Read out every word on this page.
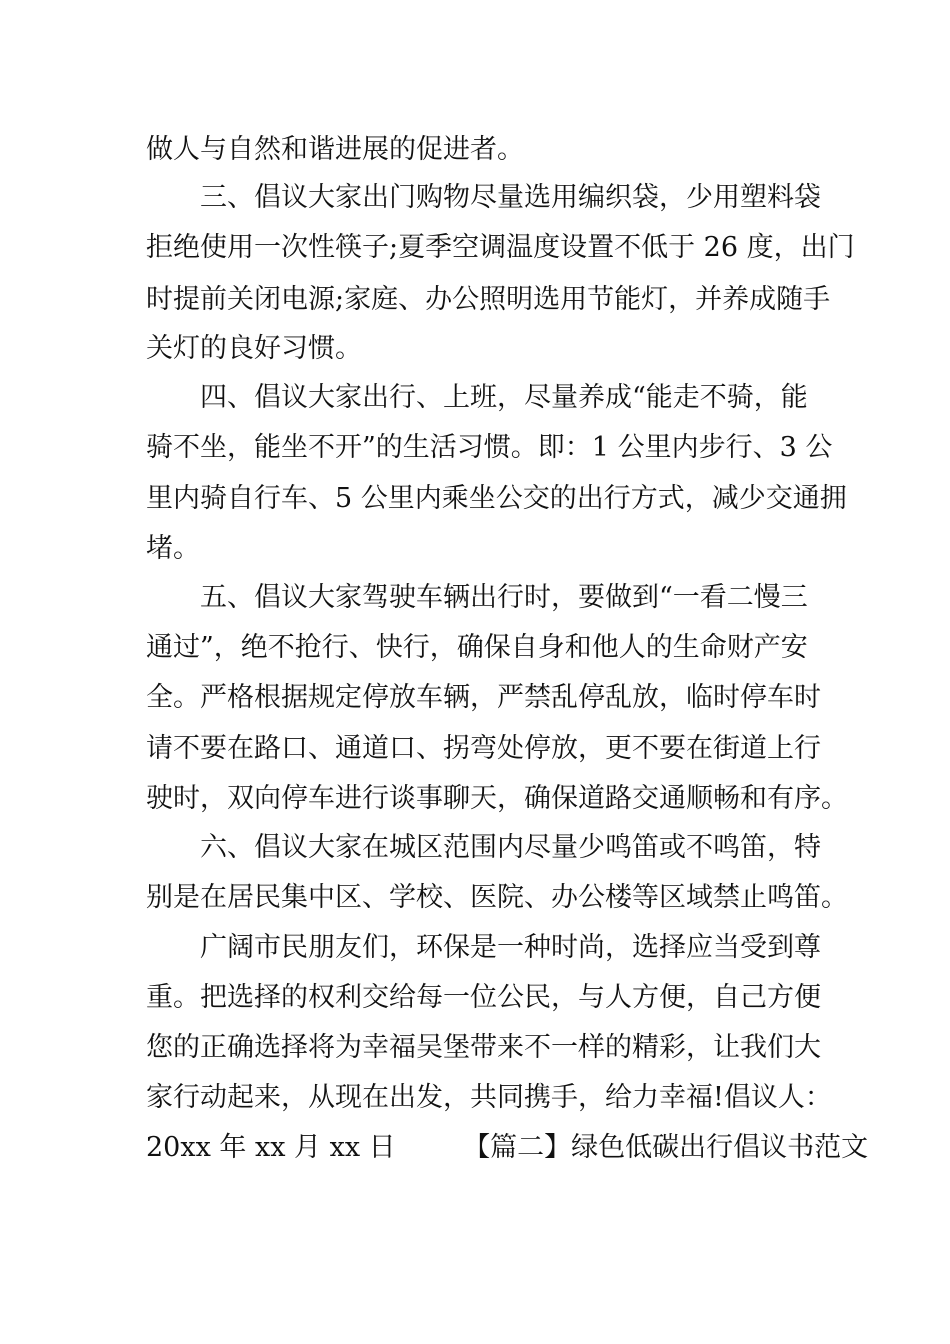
做人与自然和谐进展的促进者。
三、倡议大家出门购物尽量选用编织袋，少用塑料袋
拒绝使用一次性筷子;夏季空调温度设置不低于 26 度，出门
时提前关闭电源;家庭、办公照明选用节能灯，并养成随手
关灯的良好习惯。
四、倡议大家出行、上班，尽量养成“能走不骑，能
骑不坐，能坐不开”的生活习惯。即：1 公里内步行、3 公
里内骑自行车、5 公里内乘坐公交的出行方式，减少交通拥
堵。
五、倡议大家驾驶车辆出行时，要做到“一看二慢三
通过”，绝不抢行、快行，确保自身和他人的生命财产安
全。严格根据规定停放车辆，严禁乱停乱放，临时停车时
请不要在路口、通道口、拐弯处停放，更不要在街道上行
驶时，双向停车进行谈事聊天，确保道路交通顺畅和有序。
六、倡议大家在城区范围内尽量少鸣笛或不鸣笛，特
别是在居民集中区、学校、医院、办公楼等区域禁止鸣笛。
广阔市民朋友们，环保是一种时尚，选择应当受到尊
重。把选择的权利交给每一位公民，与人方便，自己方便
您的正确选择将为幸福吴堡带来不一样的精彩，让我们大
家行动起来，从现在出发，共同携手，给力幸福!倡议人：
20xx 年 xx 月 xx 日　　　【篇二】绿色低碳出行倡议书范文
